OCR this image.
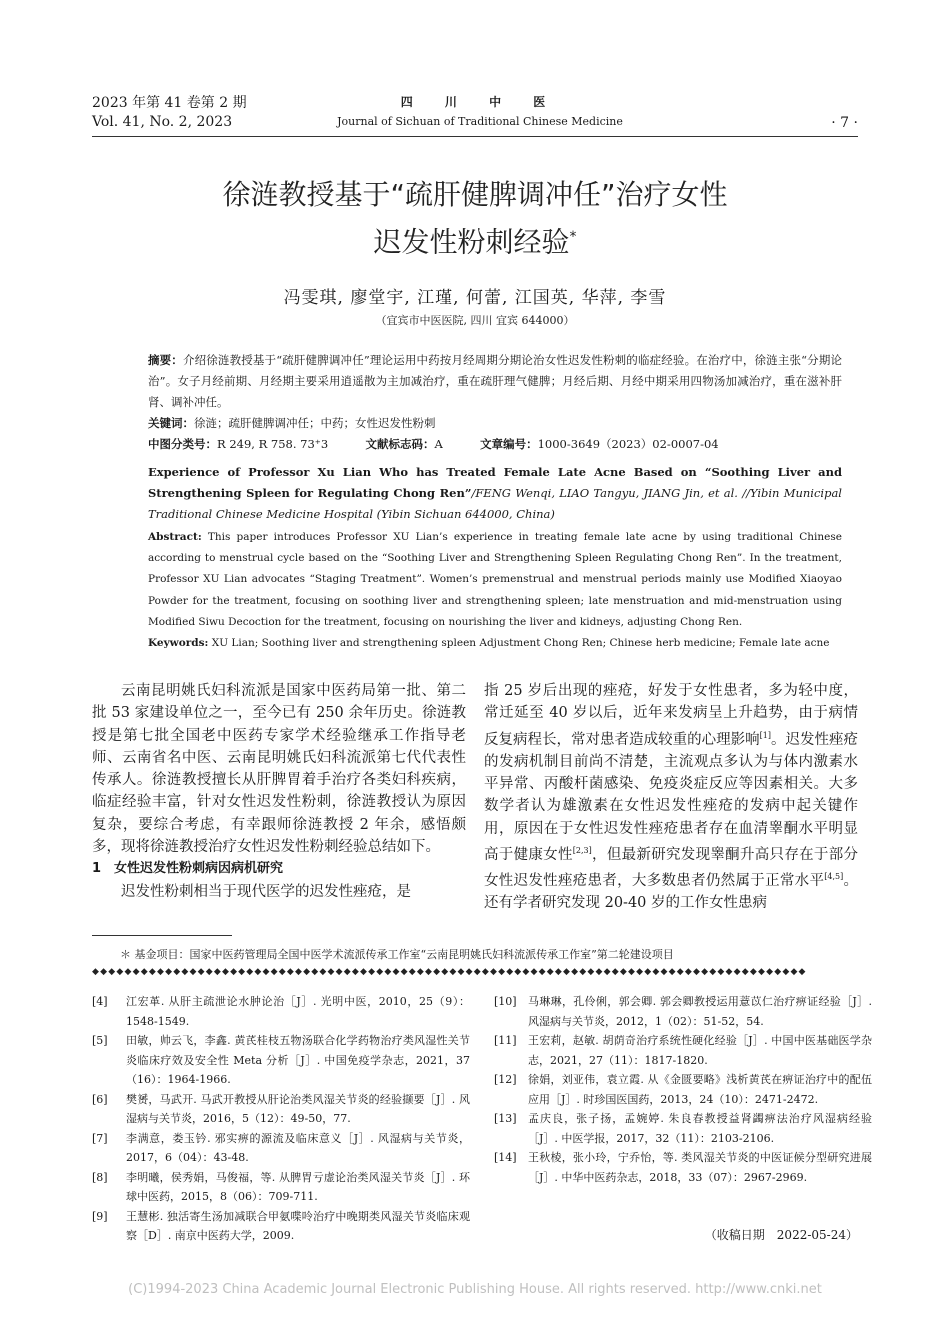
2023 年第 41 卷第 2 期
Vol. 41, No. 2, 2023
四 川 中 医
Journal of Sichuan of Traditional Chinese Medicine	· 7 ·
徐涟教授基于“疏肝健脾调冲任”治疗女性
迟发性粉刺经验*
冯雯琪, 廖堂宇, 江瑾, 何蕾, 江国英, 华萍, 李雪
（宜宾市中医医院, 四川 宜宾 644000）
摘要：介绍徐涟教授基于“疏肝健脾调冲任”理论运用中药按月经周期分期论治女性迟发性粉刺的临症经验。在治疗中，徐涟主张“分期论治”。女子月经前期、月经期主要采用逍遥散为主加减治疗，重在疏肝理气健脾；月经后期、月经中期采用四物汤加减治疗，重在滋补肝肾、调补冲任。
关键词：徐涟；疏肝健脾调冲任；中药；女性迟发性粉刺
中图分类号：R 249, R 758. 73⁺3	文献标志码：A	文章编号：1000-3649（2023）02-0007-04
Experience of Professor Xu Lian Who has Treated Female Late Acne Based on “Soothing Liver and Strengthening Spleen for Regulating Chong Ren”/FENG Wenqi, LIAO Tangyu, JIANG Jin, et al. //Yibin Municipal Traditional Chinese Medicine Hospital (Yibin Sichuan 644000, China)
Abstract: This paper introduces Professor XU Lian’s experience in treating female late acne by using traditional Chinese according to menstrual cycle based on the “Soothing Liver and Strengthening Spleen Regulating Chong Ren”. In the treatment, Professor XU Lian advocates “Staging Treatment”. Women’s premenstrual and menstrual periods mainly use Modified Xiaoyao Powder for the treatment, focusing on soothing liver and strengthening spleen; late menstruation and mid-menstruation using Modified Siwu Decoction for the treatment, focusing on nourishing the liver and kidneys, adjusting Chong Ren.
Keywords: XU Lian; Soothing liver and strengthening spleen Adjustment Chong Ren; Chinese herb medicine; Female late acne
云南昆明姚氏妇科流派是国家中医药局第一批、第二批 53 家建设单位之一，至今已有 250 余年历史。徐涟教授是第七批全国老中医药专家学术经验继承工作指导老师、云南省名中医、云南昆明姚氏妇科流派第七代代表性传承人。徐涟教授擅长从肝脾胃着手治疗各类妇科疾病，临症经验丰富，针对女性迟发性粉刺，徐涟教授认为原因复杂，要综合考虑，有幸跟师徐涟教授 2 年余，感悟颇多，现将徐涟教授治疗女性迟发性粉刺经验总结如下。
1　女性迟发性粉刺病因病机研究
迟发性粉刺相当于现代医学的迟发性痤疮，是
指 25 岁后出现的痤疮，好发于女性患者，多为轻中度，常迁延至 40 岁以后，近年来发病呈上升趋势，由于病情反复病程长，常对患者造成较重的心理影响[1]。迟发性痤疮的发病机制目前尚不清楚，主流观点多认为与体内激素水平异常、丙酸杆菌感染、免疫炎症反应等因素相关。大多数学者认为雄激素在女性迟发性痤疮的发病中起关键作用，原因在于女性迟发性痤疮患者存在血清睾酮水平明显高于健康女性[2,3]，但最新研究发现睾酮升高只存在于部分女性迟发性痤疮患者，大多数患者仍然属于正常水平[4,5]。还有学者研究发现 20-40 岁的工作女性患病
＊ 基金项目：国家中医药管理局全国中医学术流派传承工作室“云南昆明姚氏妇科流派传承工作室”第二轮建设项目
◆◆◆◆◆◆◆◆◆◆◆◆◆◆◆◆◆◆◆◆◆◆◆◆◆◆◆◆◆◆◆◆◆◆◆◆◆◆◆◆◆◆◆◆◆◆◆◆◆◆◆◆◆◆◆◆◆◆◆◆◆◆◆◆◆◆◆◆◆◆◆◆◆◆◆◆◆◆◆◆◆◆◆◆◆◆◆◆
[4]	江宏革. 从肝主疏泄论水肿论治［J］. 光明中医，2010，25（9）：1548-1549.
[5]	田敏，帅云飞，李鑫. 黄芪桂枝五物汤联合化学药物治疗类风湿性关节炎临床疗效及安全性 Meta 分析［J］. 中国免疫学杂志，2021，37（16）：1964-1966.
[6]	樊赟，马武开. 马武开教授从肝论治类风湿关节炎的经验撷要［J］. 风湿病与关节炎，2016，5（12）：49-50，77.
[7]	李满意，娄玉钤. 邪实痹的源流及临床意义［J］. 风湿病与关节炎，2017，6（04）：43-48.
[8]	李明曦，侯秀娟，马俊福，等. 从脾胃亏虚论治类风湿关节炎［J］. 环球中医药，2015，8（06）：709-711.
[9]	王慧彬. 独活寄生汤加减联合甲氨喋呤治疗中晚期类风湿关节炎临床观察［D］. 南京中医药大学，2009.
[10]	马琳琳，孔伶俐，郭会卿. 郭会卿教授运用薏苡仁治疗痹证经验［J］. 风湿病与关节炎，2012，1（02）：51-52，54.
[11]	王宏莉，赵敏. 胡荫奇治疗系统性硬化经验［J］. 中国中医基础医学杂志，2021，27（11）：1817-1820.
[12]	徐娟，刘亚伟，袁立霞. 从《金匮要略》浅析黄芪在痹证治疗中的配伍应用［J］. 时珍国医国药，2013，24（10）：2471-2472.
[13]	孟庆良，张子扬，孟婉婷. 朱良春教授益肾蠲痹法治疗风湿病经验［J］. 中医学报，2017，32（11）：2103-2106.
[14]	王秋棱，张小玲，宁乔怡，等. 类风湿关节炎的中医证候分型研究进展［J］. 中华中医药杂志，2018，33（07）：2967-2969.
（收稿日期　2022-05-24）
(C)1994-2023 China Academic Journal Electronic Publishing House. All rights reserved. http://www.cnki.net
